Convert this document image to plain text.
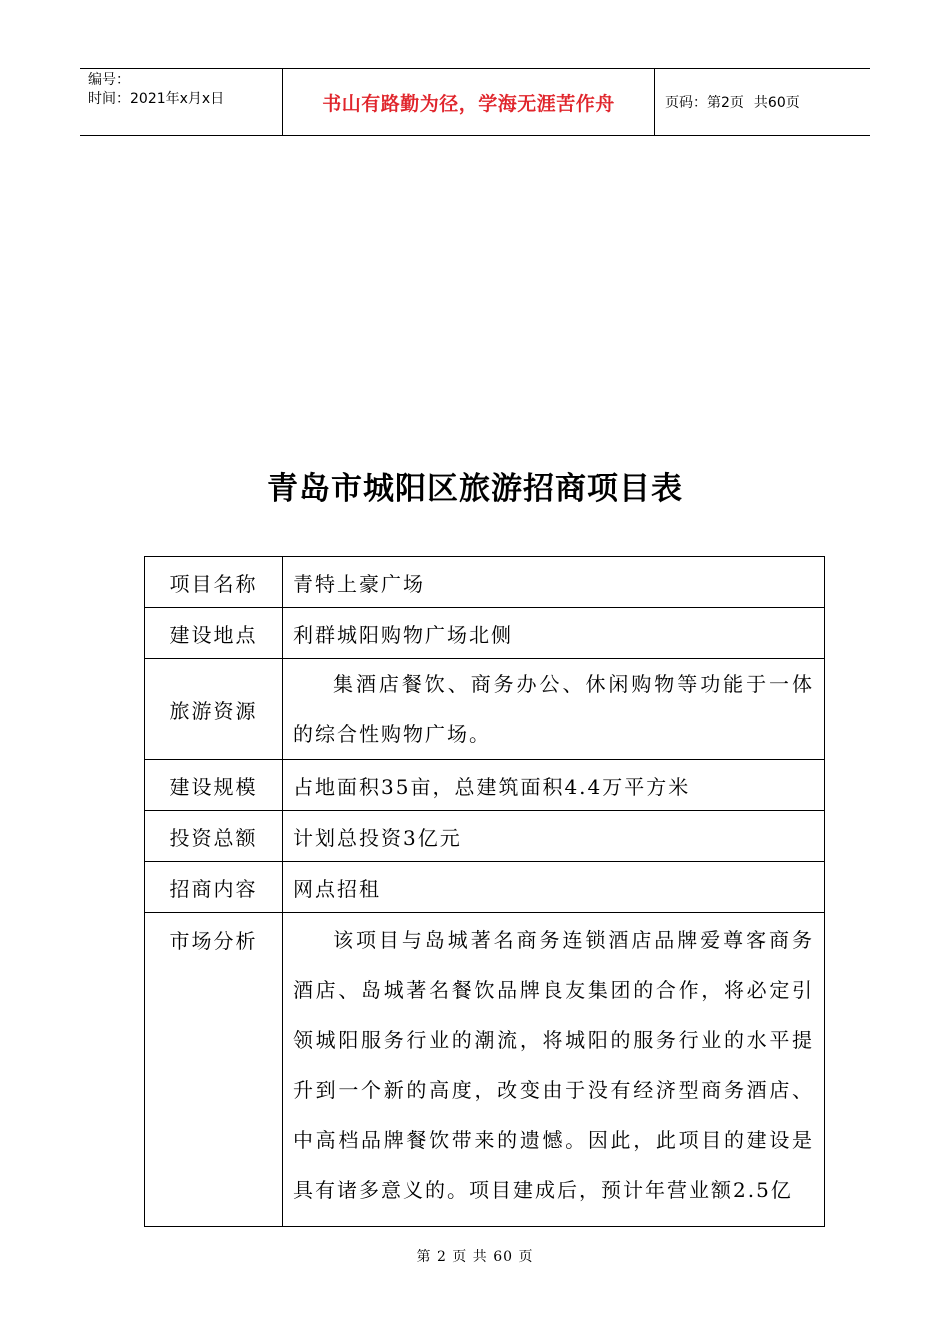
编号：
时间：2021年x月x日	书山有路勤为径，学海无涯苦作舟	页码：第2页 共60页
青岛市城阳区旅游招商项目表
项目名称	青特上豪广场
建设地点	利群城阳购物广场北侧
旅游资源	集酒店餐饮、商务办公、休闲购物等功能于一体的综合性购物广场。
建设规模	占地面积35亩，总建筑面积4.4万平方米
投资总额	计划总投资3亿元
招商内容	网点招租
市场分析	该项目与岛城著名商务连锁酒店品牌爱尊客商务酒店、岛城著名餐饮品牌良友集团的合作，将必定引领城阳服务行业的潮流，将城阳的服务行业的水平提升到一个新的高度，改变由于没有经济型商务酒店、中高档品牌餐饮带来的遗憾。因此，此项目的建设是具有诸多意义的。项目建成后，预计年营业额2.5亿
第 2 页 共 60 页
